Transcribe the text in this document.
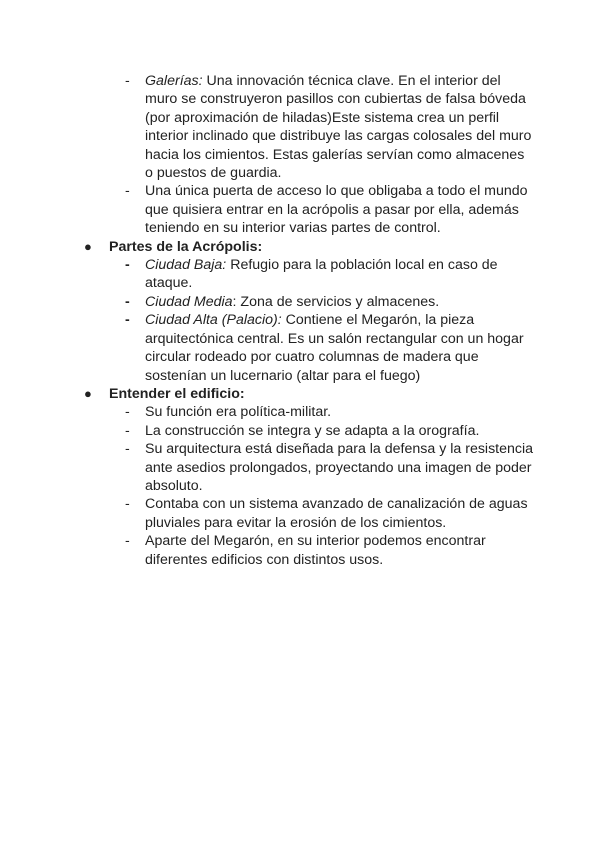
- Galerías: Una innovación técnica clave. En el interior del muro se construyeron pasillos con cubiertas de falsa bóveda (por aproximación de hiladas)Este sistema crea un perfil interior inclinado que distribuye las cargas colosales del muro hacia los cimientos. Estas galerías servían como almacenes o puestos de guardia.
- Una única puerta de acceso lo que obligaba a todo el mundo que quisiera entrar en la acrópolis a pasar por ella, además teniendo en su interior varias partes de control.
● Partes de la Acrópolis:
- Ciudad Baja: Refugio para la población local en caso de ataque.
- Ciudad Media: Zona de servicios y almacenes.
- Ciudad Alta (Palacio): Contiene el Megarón, la pieza arquitectónica central. Es un salón rectangular con un hogar circular rodeado por cuatro columnas de madera que sostenían un lucernario (altar para el fuego)
● Entender el edificio:
- Su función era política-militar.
- La construcción se integra y se adapta a la orografía.
- Su arquitectura está diseñada para la defensa y la resistencia ante asedios prolongados, proyectando una imagen de poder absoluto.
- Contaba con un sistema avanzado de canalización de aguas pluviales para evitar la erosión de los cimientos.
- Aparte del Megarón, en su interior podemos encontrar diferentes edificios con distintos usos.
